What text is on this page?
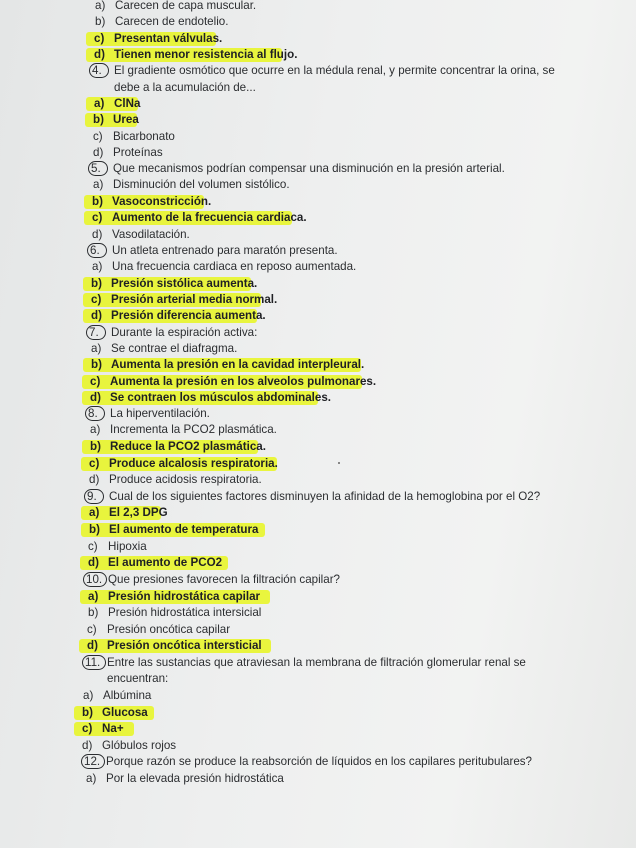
a) Carecen de capa muscular.
b) Carecen de endotelio.
c) Presentan válvulas.
d) Tienen menor resistencia al flujo.
4. El gradiente osmótico que ocurre en la médula renal, y permite concentrar la orina, se
debe a la acumulación de...
a) ClNa
b) Urea
c) Bicarbonato
d) Proteínas
5. Que mecanismos podrían compensar una disminución en la presión arterial.
a) Disminución del volumen sistólico.
b) Vasoconstricción.
c) Aumento de la frecuencia cardiaca.
d) Vasodilatación.
6. Un atleta entrenado para maratón presenta.
a) Una frecuencia cardiaca en reposo aumentada.
b) Presión sistólica aumenta.
c) Presión arterial media normal.
d) Presión diferencia aumenta.
7. Durante la espiración activa:
a) Se contrae el diafragma.
b) Aumenta la presión en la cavidad interpleural.
c) Aumenta la presión en los alveolos pulmonares.
d) Se contraen los músculos abdominales.
8. La hiperventilación.
a) Incrementa la PCO2 plasmática.
b) Reduce la PCO2 plasmática.
c) Produce alcalosis respiratoria.
d) Produce acidosis respiratoria.
9. Cual de los siguientes factores disminuyen la afinidad de la hemoglobina por el O2?
a) El 2,3 DPG
b) El aumento de temperatura
c) Hipoxia
d) El aumento de PCO2
10. Que presiones favorecen la filtración capilar?
a) Presión hidrostática capilar
b) Presión hidrostática intersicial
c) Presión oncótica capilar
d) Presión oncótica intersticial
11. Entre las sustancias que atraviesan la membrana de filtración glomerular renal se
encuentran:
a) Albúmina
b) Glucosa
c) Na+
d) Glóbulos rojos
12. Porque razón se produce la reabsorción de líquidos en los capilares peritubulares?
a) Por la elevada presión hidrostática
